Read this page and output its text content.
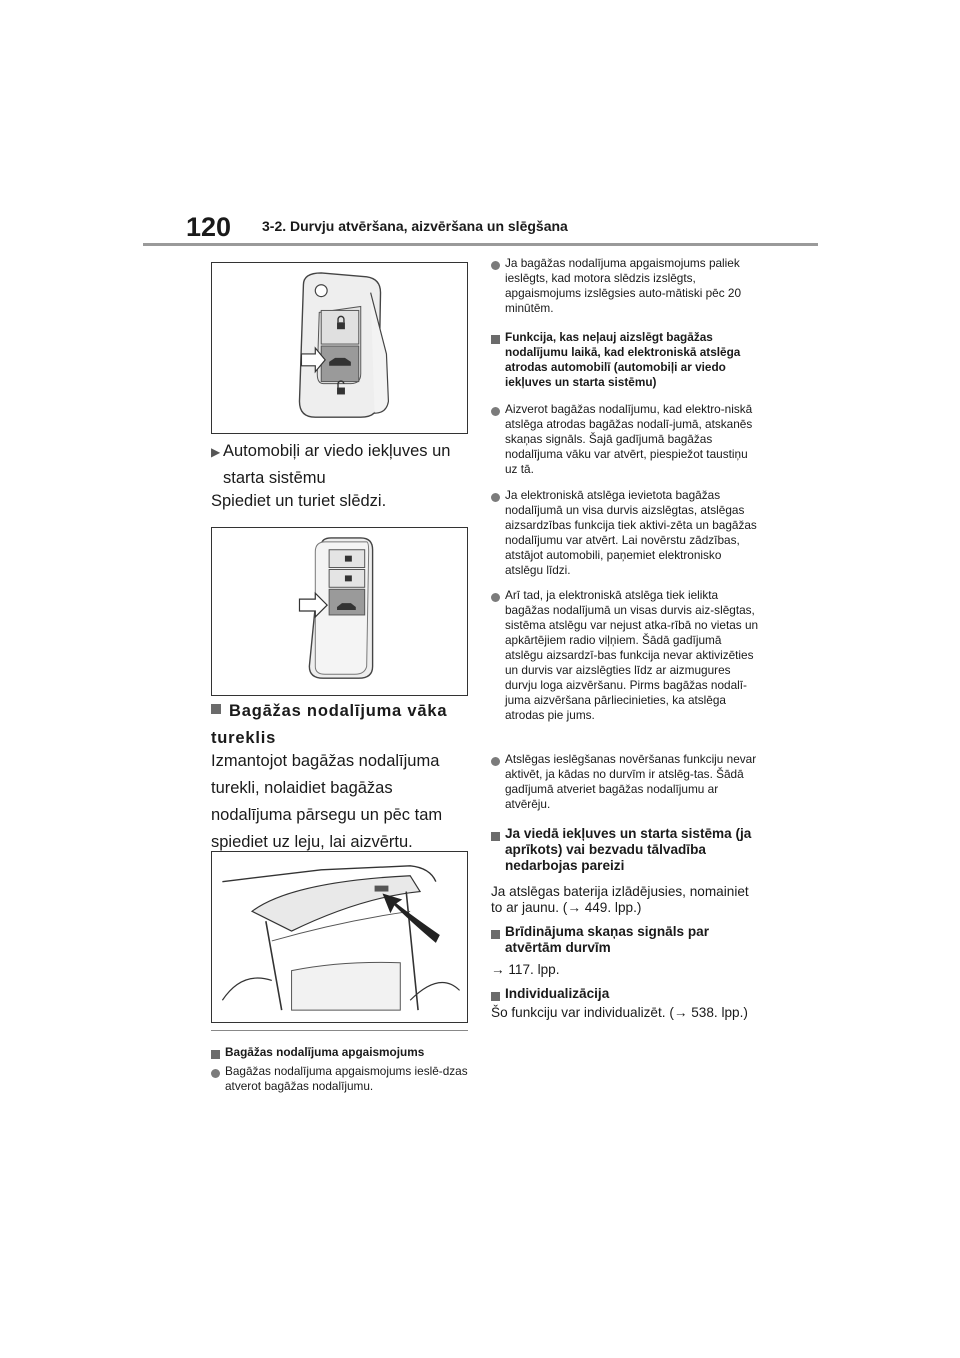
120 3-2. Durvju atvēršana, aizvēršana un slēgšana
▶ Automobiļi ar viedo iekļuves un starta sistēmu
Spiediet un turiet slēdzi.
Bagāžas nodalījuma vāka tureklis
Izmantojot bagāžas nodalījuma turekli, nolaidiet bagāžas nodalījuma pārsegu un pēc tam spiediet uz leju, lai aizvērtu.
Bagāžas nodalījuma apgaismojums
Bagāžas nodalījuma apgaismojums ieslē-dzas atverot bagāžas nodalījumu.
Ja bagāžas nodalījuma apgaismojums paliek ieslēgts, kad motora slēdzis izslēgts, apgaismojums izslēgsies auto-mātiski pēc 20 minūtēm.
Funkcija, kas neļauj aizslēgt bagāžas nodalījumu laikā, kad elektroniskā atslēga atrodas automobilī (automobiļi ar viedo iekļuves un starta sistēmu)
Aizverot bagāžas nodalījumu, kad elektro-niskā atslēga atrodas bagāžas nodalī-jumā, atskanēs skaņas signāls. Šajā gadījumā bagāžas nodalījuma vāku var atvērt, piespiežot taustiņu uz tā.
Ja elektroniskā atslēga ievietota bagāžas nodalījumā un visa durvis aizslēgtas, atslēgas aizsardzības funkcija tiek aktivi-zēta un bagāžas nodalījumu var atvērt. Lai novērstu zādzības, atstājot automobili, paņemiet elektronisko atslēgu līdzi.
Arī tad, ja elektroniskā atslēga tiek ielikta bagāžas nodalījumā un visas durvis aiz-slēgtas, sistēma atslēgu var nejust atka-rībā no vietas un apkārtējiem radio viļņiem. Šādā gadījumā atslēgu aizsardzī-bas funkcija nevar aktivizēties un durvis var aizslēgties līdz ar aizmugures durvju loga aizvēršanu. Pirms bagāžas nodalī-juma aizvēršana pārliecinieties, ka atslēga atrodas pie jums.
Atslēgas ieslēgšanas novēršanas funkciju nevar aktivēt, ja kādas no durvīm ir atslēg-tas. Šādā gadījumā atveriet bagāžas nodalījumu ar atvērēju.
Ja viedā iekļuves un starta sistēma (ja aprīkots) vai bezvadu tālvadība nedarbojas pareizi
Ja atslēgas baterija izlādējusies, nomainiet to ar jaunu. (→ 449. lpp.)
Brīdinājuma skaņas signāls par atvērtām durvīm
→ 117. lpp.
Individualizācija
Šo funkciju var individualizēt. (→ 538. lpp.)
